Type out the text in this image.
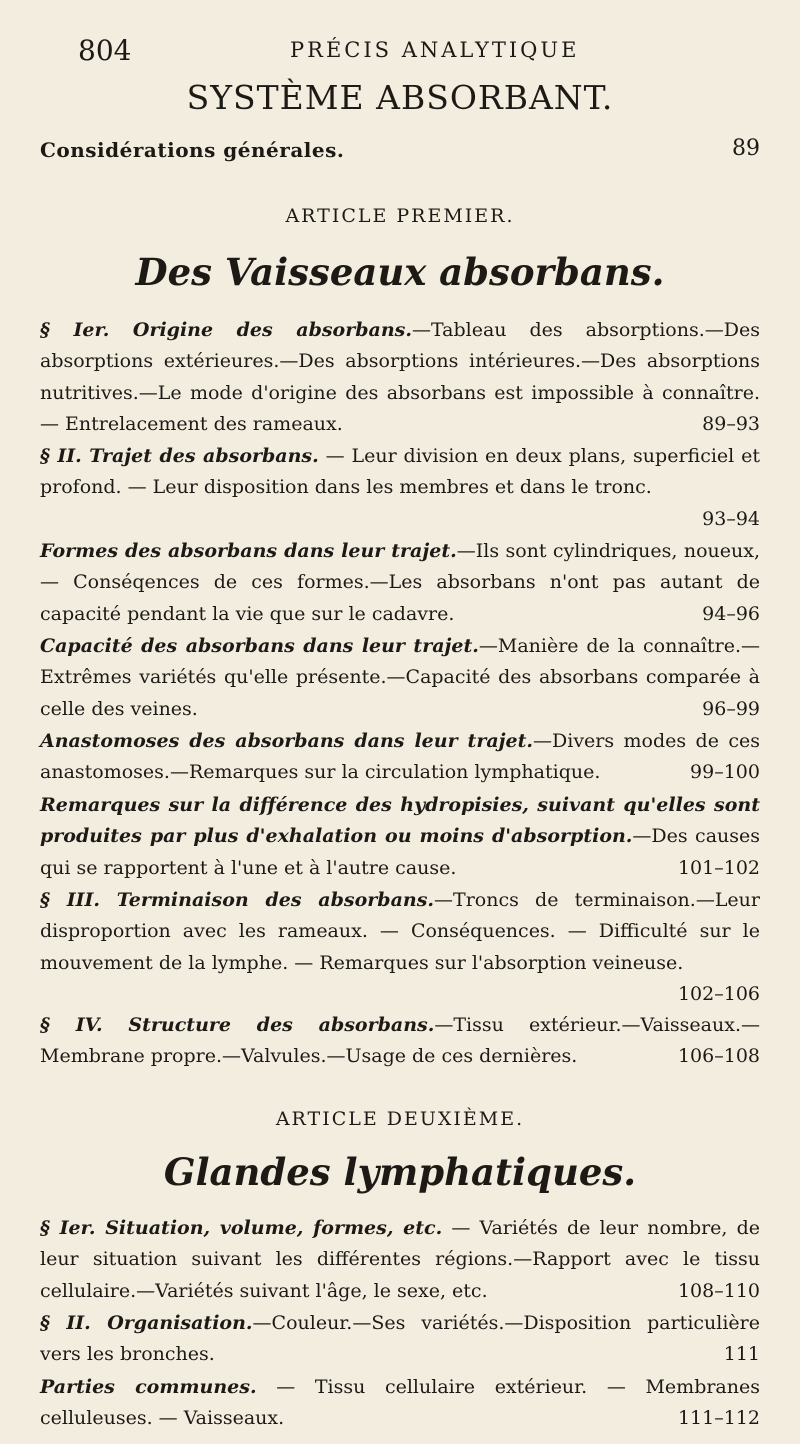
804	PRÉCIS ANALYTIQUE
SYSTÈME ABSORBANT.
Considérations générales.	89
ARTICLE PREMIER.
Des Vaisseaux absorbans.
§ Ier. Origine des absorbans.—Tableau des absorptions.—Des absorptions extérieures.—Des absorptions intérieures.—Des absorptions nutritives.—Le mode d'origine des absorbans est impossible à connaître. — Entrelacement des rameaux.	89–93
§ II. Trajet des absorbans. — Leur division en deux plans, superficiel et profond. — Leur disposition dans les membres et dans le tronc.
93–94
Formes des absorbans dans leur trajet.—Ils sont cylindriques, noueux, — Conséqences de ces formes.—Les absorbans n'ont pas autant de capacité pendant la vie que sur le cadavre.	94–96
Capacité des absorbans dans leur trajet.—Manière de la connaître.—Extrêmes variétés qu'elle présente.—Capacité des absorbans comparée à celle des veines.	96–99
Anastomoses des absorbans dans leur trajet.—Divers modes de ces anastomoses.—Remarques sur la circulation lymphatique.	99–100
Remarques sur la différence des hydropisies, suivant qu'elles sont produites par plus d'exhalation ou moins d'absorption.—Des causes qui se rapportent à l'une et à l'autre cause.	101–102
§ III. Terminaison des absorbans.—Troncs de terminaison.—Leur disproportion avec les rameaux. — Conséquences. — Difficulté sur le mouvement de la lymphe. — Remarques sur l'absorption veineuse.
102–106
§ IV. Structure des absorbans.—Tissu extérieur.—Vaisseaux.—Membrane propre.—Valvules.—Usage de ces dernières.	106–108
ARTICLE DEUXIÈME.
Glandes lymphatiques.
§ Ier. Situation, volume, formes, etc. — Variétés de leur nombre, de leur situation suivant les différentes régions.—Rapport avec le tissu cellulaire.—Variétés suivant l'âge, le sexe, etc.	108–110
§ II. Organisation.—Couleur.—Ses variétés.—Disposition particulière vers les bronches.	111
Parties communes. — Tissu cellulaire extérieur. — Membranes celluleuses. — Vaisseaux.	111–112
